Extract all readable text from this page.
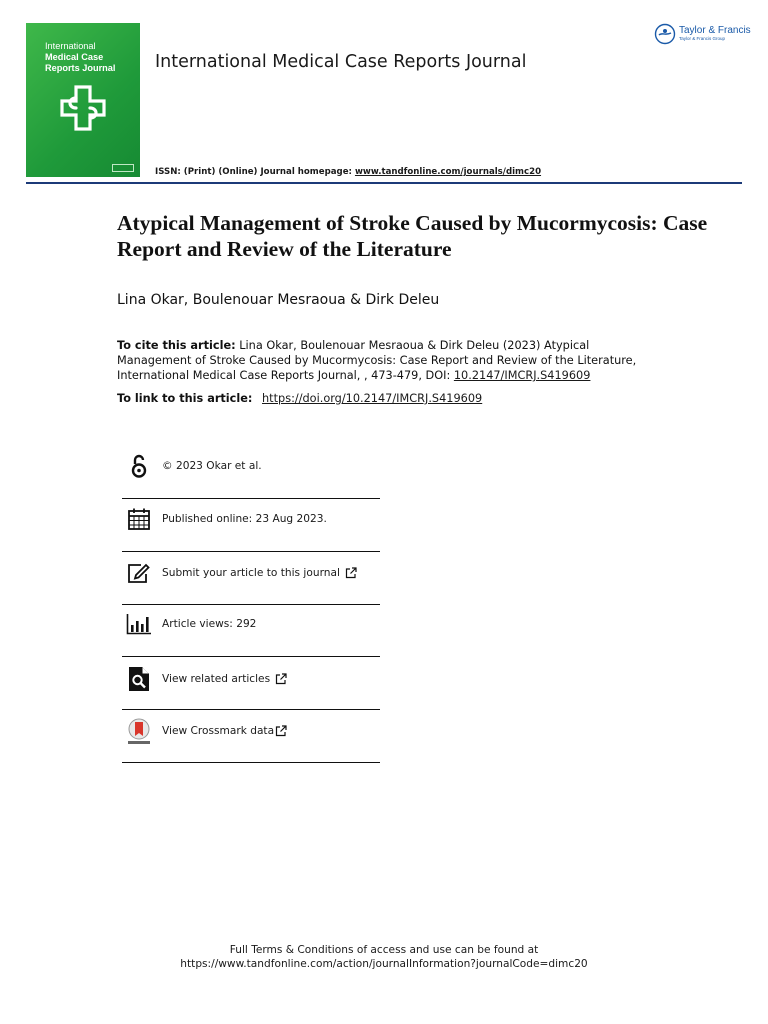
International
Medical Case
Reports Journal International Medical Case Reports Journal
Taylor & Francis
Taylor & Francis Group
ISSN: (Print) (Online) Journal homepage: www.tandfonline.com/journals/dimc20
Atypical Management of Stroke Caused by Mucormycosis: Case Report and Review of the Literature
Lina Okar, Boulenouar Mesraoua & Dirk Deleu
To cite this article: Lina Okar, Boulenouar Mesraoua & Dirk Deleu (2023) Atypical Management of Stroke Caused by Mucormycosis: Case Report and Review of the Literature, International Medical Case Reports Journal, , 473-479, DOI: 10.2147/IMCRJ.S419609
To link to this article: https://doi.org/10.2147/IMCRJ.S419609
© 2023 Okar et al.
Published online: 23 Aug 2023.
Submit your article to this journal
Article views: 292
View related articles
View Crossmark data
Full Terms & Conditions of access and use can be found at
https://www.tandfonline.com/action/journalInformation?journalCode=dimc20
